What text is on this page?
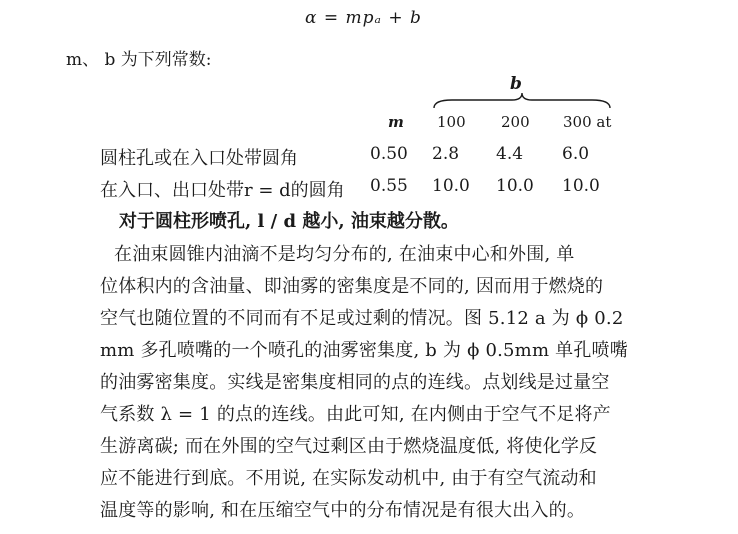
α = mpₐ + b
m、 b 为下列常数:
b
m 100 200 300 at
圆柱孔或在入口处带圆角	0.50 2.8 4.4 6.0
在入口、出口处带r = d的圆角 0.55 10.0 10.0 10.0
对于圆柱形喷孔, l / d 越小, 油束越分散。
在油束圆锥内油滴不是均匀分布的, 在油束中心和外围, 单
位体积内的含油量、即油雾的密集度是不同的, 因而用于燃烧的
空气也随位置的不同而有不足或过剩的情况。图 5.12 a 为 ϕ 0.2
mm 多孔喷嘴的一个喷孔的油雾密集度, b 为 ϕ 0.5mm 单孔喷嘴
的油雾密集度。实线是密集度相同的点的连线。点划线是过量空
气系数 λ = 1 的点的连线。由此可知, 在内侧由于空气不足将产
生游离碳; 而在外围的空气过剩区由于燃烧温度低, 将使化学反
应不能进行到底。不用说, 在实际发动机中, 由于有空气流动和
温度等的影响, 和在压缩空气中的分布情况是有很大出入的。
